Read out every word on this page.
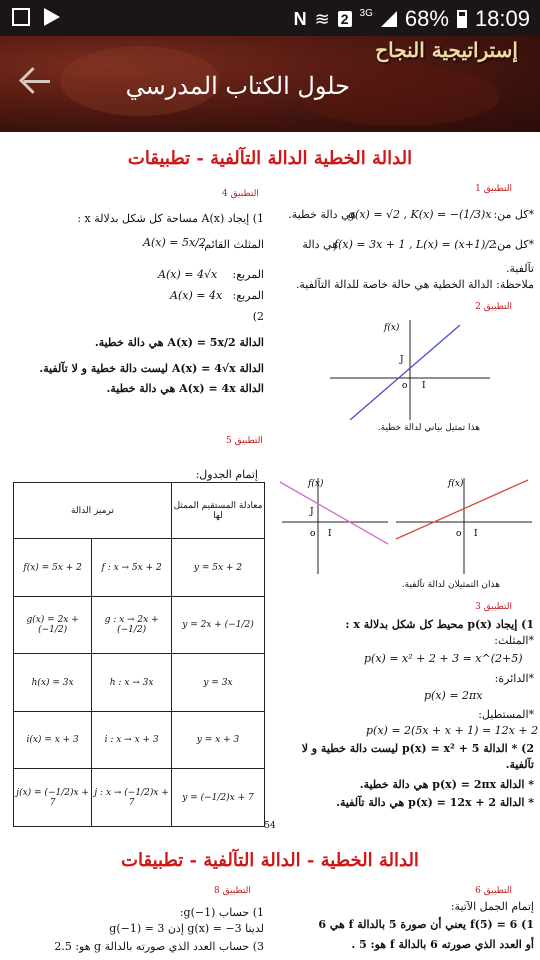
N ≋ 2	3G 68% 18:09
إستراتيجية النجاح
حلول الكتاب المدرسي
الدالة الخطية الدالة التآلفية - تطبيقات
التطبيق 1
*كل من:
g(x) = √2 , K(x) = −(1/3)x
هي دالة خطية.
*كل من:
f(x) = 3x + 1 , L(x) = (x+1)/2
هي دالة
تآلفية.
ملاحظة: الدالة الخطية هي حالة خاصة للدالة التآلفية.
التطبيق 2
f(x)
J
o I
هذا تمثيل بياني لدالة خطية.
التطبيق 4
1) إيجاد A(x) مساحة كل شكل بدلالة x :
المثلث القائم:
A(x) = 5x/2
المربع:
A(x) = 4√x
المربع:
A(x) = 4x
2)
الدالة A(x) = 5x/2 هي دالة خطية.
الدالة A(x) = 4√x ليست دالة خطية و لا تآلفية.
الدالة A(x) = 4x هي دالة خطية.
التطبيق 5
إتمام الجدول:
ترميز الدالة		معادلة المستقيم الممثل لها
f(x) = 5x + 2	f : x → 5x + 2	y = 5x + 2
g(x) = 2x + (−1/2)	g : x → 2x + (−1/2)	y = 2x + (−1/2)
h(x) = 3x	h : x → 3x	y = 3x
i(x) = x + 3	i : x → x + 3	y = x + 3
j(x) = (−1/2)x + 7	j : x → (−1/2)x + 7	y = (−1/2)x + 7
f(x)
J
o I
f(x)
o I
هذان التمثيلان لدالة تآلفية.
التطبيق 3
1) إيجاد p(x) محيط كل شكل بدلالة x :
*المثلث:
p(x) = x² + 2 + 3 = x^(2+5)
*الدائرة:
p(x) = 2πx
*المستطيل:
p(x) = 2(5x + x + 1) = 12x + 2
2) * الدالة p(x) = x² + 5 ليست دالة خطية و لا
تآلفية.
* الدالة p(x) = 2πx هي دالة خطية.
* الدالة p(x) = 12x + 2 هي دالة تآلفية.
54
الدالة الخطية - الدالة التآلفية - تطبيقات
التطبيق 6
إتمام الجمل الآتية:
1) 6 = f(5) يعني أن صورة 5 بالدالة f هي 6
أو العدد الذي صورته 6 بالدالة f هو: 5 .
التطبيق 8
1) حساب g(−1):
لدينا g(x) = −3 إذن g(−1) = 3
3) حساب العدد الذي صورته بالدالة g هو: 2.5
